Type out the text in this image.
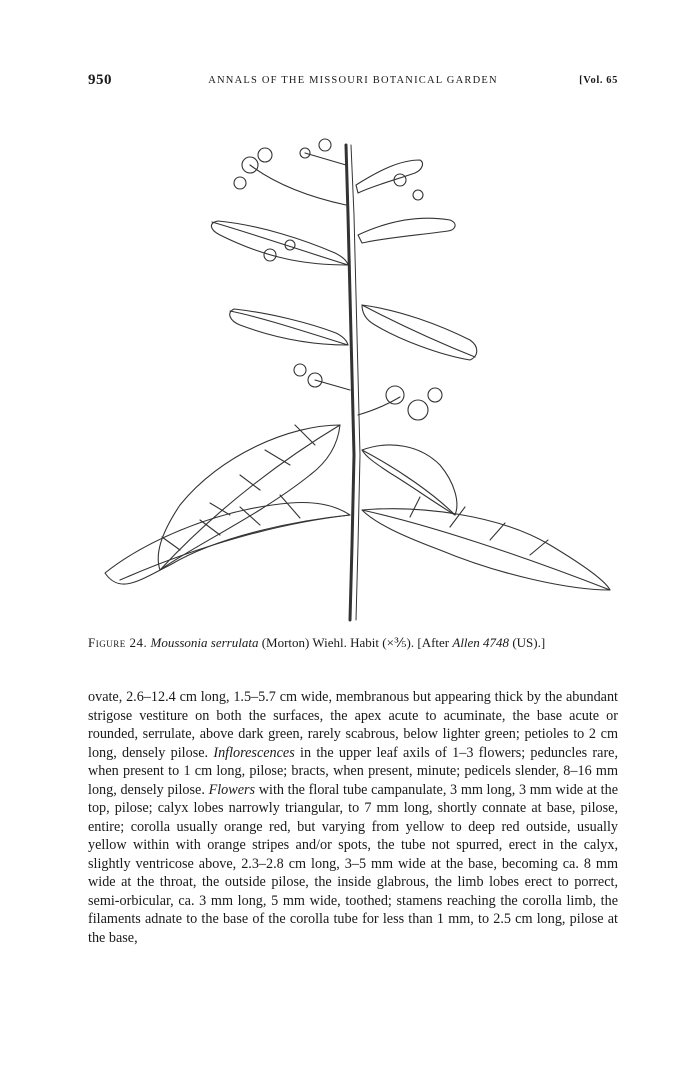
950	ANNALS OF THE MISSOURI BOTANICAL GARDEN	[Vol. 65
Figure 24. Moussonia serrulata (Morton) Wiehl. Habit (×⅗). [After Allen 4748 (US).]

ovate, 2.6–12.4 cm long, 1.5–5.7 cm wide, membranous but appearing thick by the abundant strigose vestiture on both the surfaces, the apex acute to acuminate, the base acute or rounded, serrulate, above dark green, rarely scabrous, below lighter green; petioles to 2 cm long, densely pilose. Inflorescences in the upper leaf axils of 1–3 flowers; peduncles rare, when present to 1 cm long, pilose; bracts, when present, minute; pedicels slender, 8–16 mm long, densely pilose. Flowers with the floral tube campanulate, 3 mm long, 3 mm wide at the top, pilose; calyx lobes narrowly triangular, to 7 mm long, shortly connate at base, pilose, entire; corolla usually orange red, but varying from yellow to deep red outside, usually yellow within with orange stripes and/or spots, the tube not spurred, erect in the calyx, slightly ventricose above, 2.3–2.8 cm long, 3–5 mm wide at the base, becoming ca. 8 mm wide at the throat, the outside pilose, the inside glabrous, the limb lobes erect to porrect, semi-orbicular, ca. 3 mm long, 5 mm wide, toothed; stamens reaching the corolla limb, the filaments adnate to the base of the corolla tube for less than 1 mm, to 2.5 cm long, pilose at the base,
